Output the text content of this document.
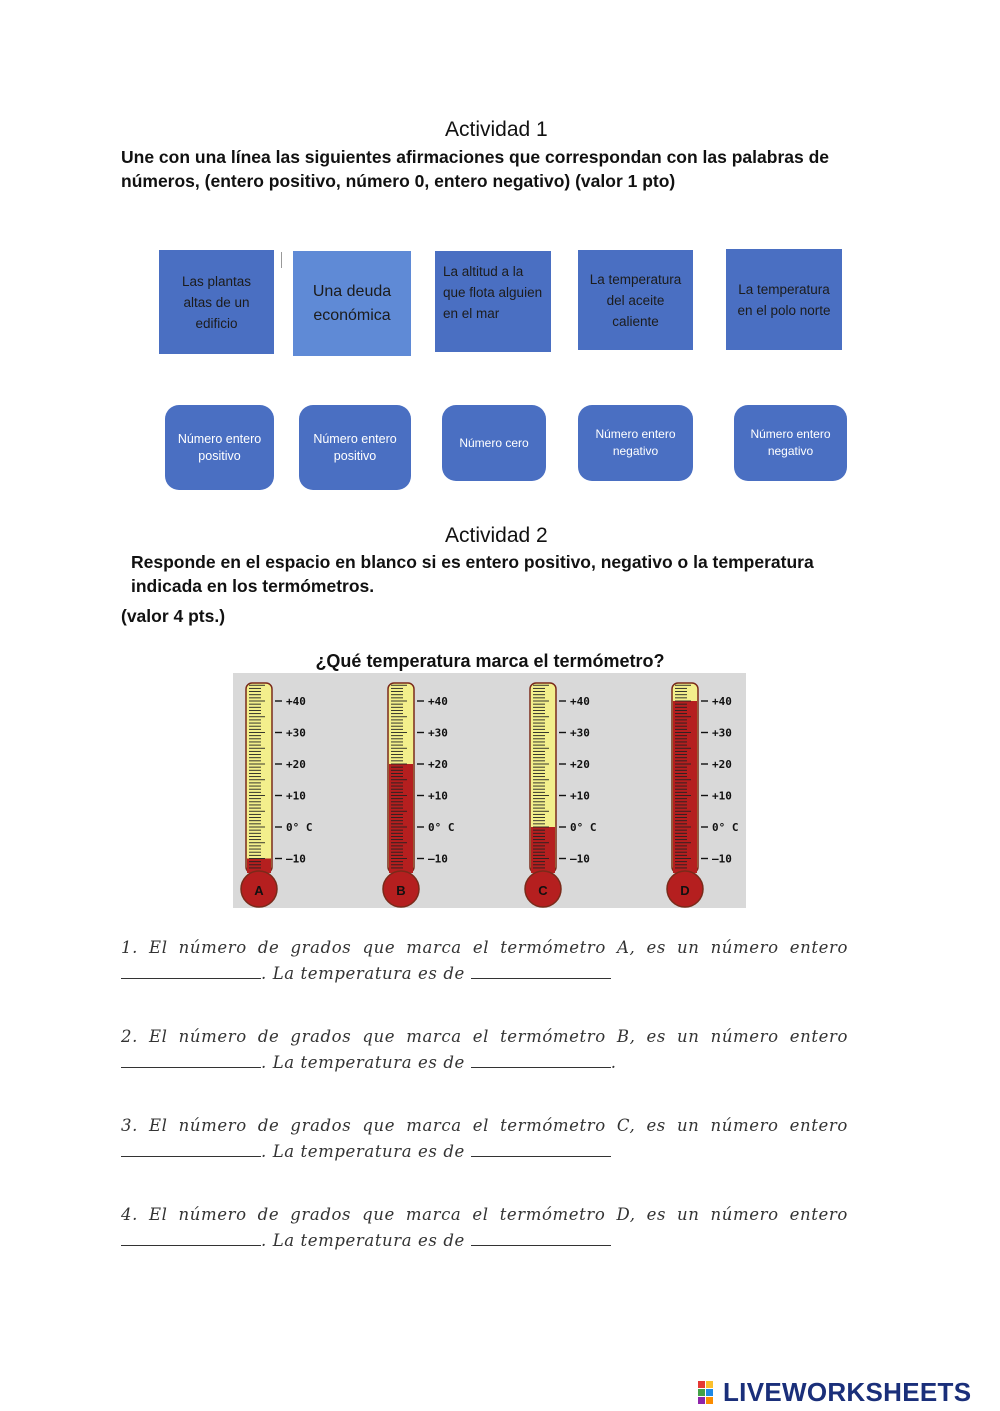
Actividad 1
Une con una línea las siguientes afirmaciones que correspondan con las palabras de números, (entero positivo, número 0, entero negativo) (valor 1 pto)
Las plantas altas de un edificio
Una deuda económica
La altitud a la que flota alguien en el mar
La temperatura del aceite caliente
La temperatura en el polo norte
Número entero positivo
Número entero positivo
Número cero
Número entero negativo
Número entero negativo
Actividad 2
Responde en el espacio en blanco si es entero positivo, negativo o la temperatura indicada en los termómetros.
(valor 4 pts.)
¿Qué temperatura marca el termómetro?
A
+40
+30
+20
+10
0° C
–10
B
+40
+30
+20
+10
0° C
–10
C
+40
+30
+20
+10
0° C
–10
D
+40
+30
+20
+10
0° C
–10
1. El número de grados que marca el termómetro A, es un número entero
. La temperatura es de
2. El número de grados que marca el termómetro B, es un número entero
. La temperatura es de	.
3. El número de grados que marca el termómetro C, es un número entero
. La temperatura es de
4. El número de grados que marca el termómetro D, es un número entero
. La temperatura es de
LIVEWORKSHEETS
